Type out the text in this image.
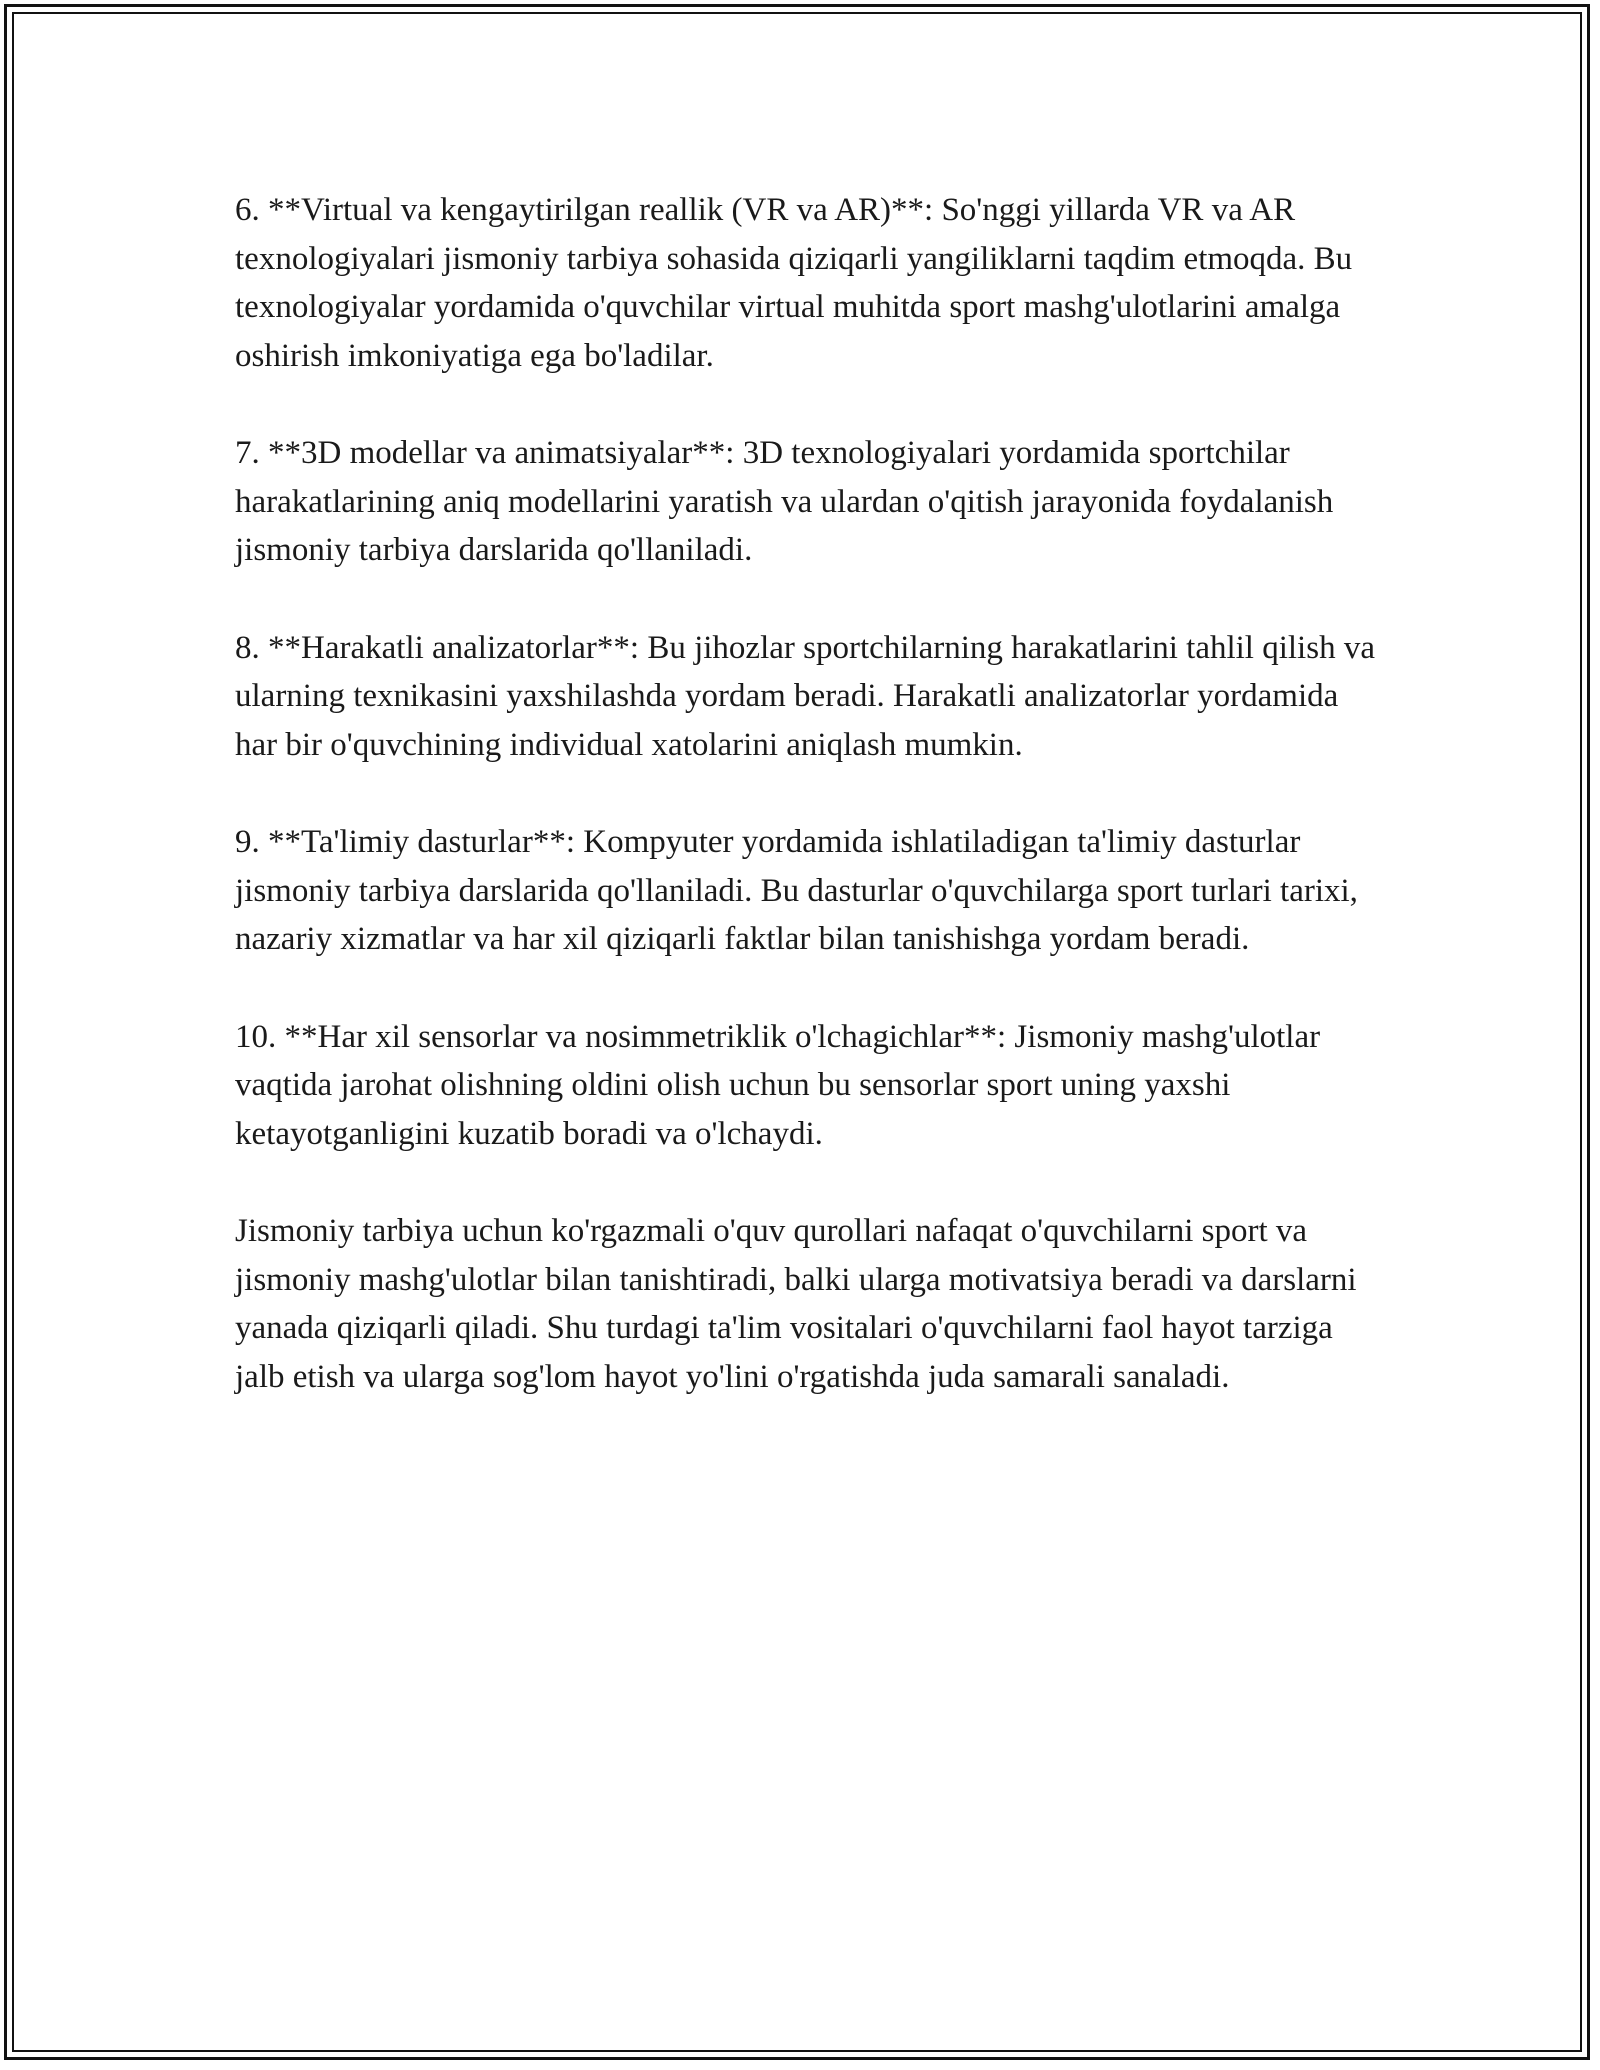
6. **Virtual va kengaytirilgan reallik (VR va AR)**: So'nggi yillarda VR va AR texnologiyalari jismoniy tarbiya sohasida qiziqarli yangiliklarni taqdim etmoqda. Bu texnologiyalar yordamida o'quvchilar virtual muhitda sport mashg'ulotlarini amalga oshirish imkoniyatiga ega bo'ladilar.

7. **3D modellar va animatsiyalar**: 3D texnologiyalari yordamida sportchilar harakatlarining aniq modellarini yaratish va ulardan o'qitish jarayonida foydalanish jismoniy tarbiya darslarida qo'llaniladi.

8. **Harakatli analizatorlar**: Bu jihozlar sportchilarning harakatlarini tahlil qilish va ularning texnikasini yaxshilashda yordam beradi. Harakatli analizatorlar yordamida har bir o'quvchining individual xatolarini aniqlash mumkin.

9. **Ta'limiy dasturlar**: Kompyuter yordamida ishlatiladigan ta'limiy dasturlar jismoniy tarbiya darslarida qo'llaniladi. Bu dasturlar o'quvchilarga sport turlari tarixi, nazariy xizmatlar va har xil qiziqarli faktlar bilan tanishishga yordam beradi.

10. **Har xil sensorlar va nosimmetriklik o'lchagichlar**: Jismoniy mashg'ulotlar vaqtida jarohat olishning oldini olish uchun bu sensorlar sport uning yaxshi ketayotganligini kuzatib boradi va o'lchaydi.

Jismoniy tarbiya uchun ko'rgazmali o'quv qurollari nafaqat o'quvchilarni sport va jismoniy mashg'ulotlar bilan tanishtiradi, balki ularga motivatsiya beradi va darslarni yanada qiziqarli qiladi. Shu turdagi ta'lim vositalari o'quvchilarni faol hayot tarziga jalb etish va ularga sog'lom hayot yo'lini o'rgatishda juda samarali sanaladi.
